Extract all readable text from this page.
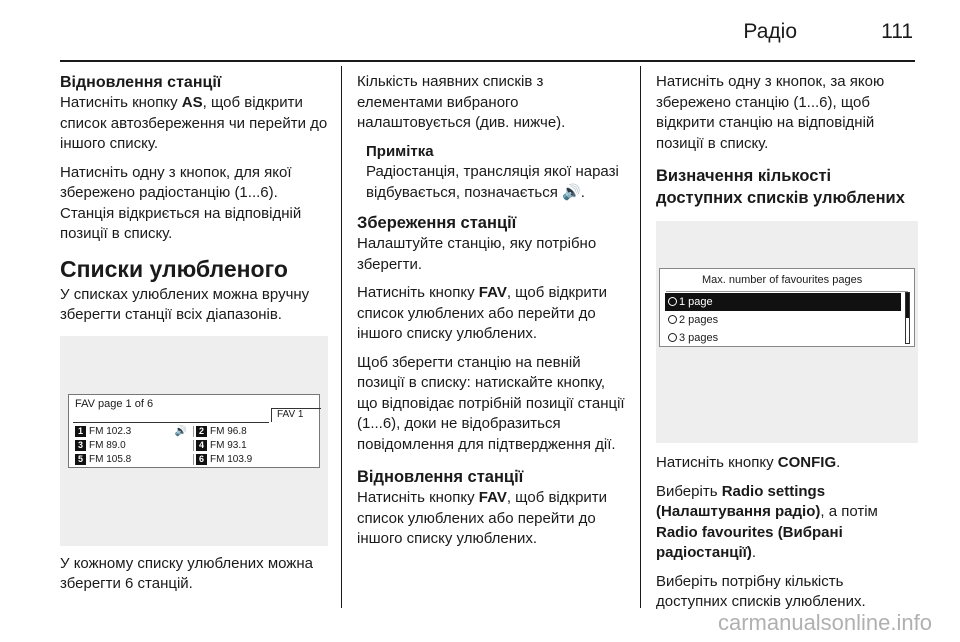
Радіо	111
Відновлення станції

Натисніть кнопку AS, щоб відкрити список автозбереження чи перейти до іншого списку.

Натисніть одну з кнопок, для якої збережено радіостанцію (1...6). Станція відкриється на відповідній позиції в списку.

Списки улюбленого

У списках улюблених можна вручну зберегти станції всіх діапазонів.

FAV page 1 of 6
FAV 1
1 FM 102.3	🔊	2 FM 96.8
3 FM 89.0	4 FM 93.1
5 FM 105.8	6 FM 103.9

У кожному списку улюблених можна зберегти 6 станцій.

Кількість наявних списків з елементами вибраного налаштовується (див. нижче).

Примітка

Радіостанція, трансляція якої наразі відбувається, позначається 🔊.

Збереження станції

Налаштуйте станцію, яку потрібно зберегти.

Натисніть кнопку FAV, щоб відкрити список улюблених або перейти до іншого списку улюблених.

Щоб зберегти станцію на певній позиції в списку: натискайте кнопку, що відповідає потрібній позиції станції (1...6), доки не відобразиться повідомлення для підтвердження дії.

Відновлення станції

Натисніть кнопку FAV, щоб відкрити список улюблених або перейти до іншого списку улюблених.

Натисніть одну з кнопок, за якою збережено станцію (1...6), щоб відкрити станцію на відповідній позиції в списку.

Визначення кількості доступних списків улюблених
Max. number of favourites pages
1 page
2 pages
3 pages

Натисніть кнопку CONFIG.

Виберіть Radio settings (Налаштування радіо), а потім Radio favourites (Вибрані радіостанції).

Виберіть потрібну кількість доступних списків улюблених.

carmanualsonline.info
